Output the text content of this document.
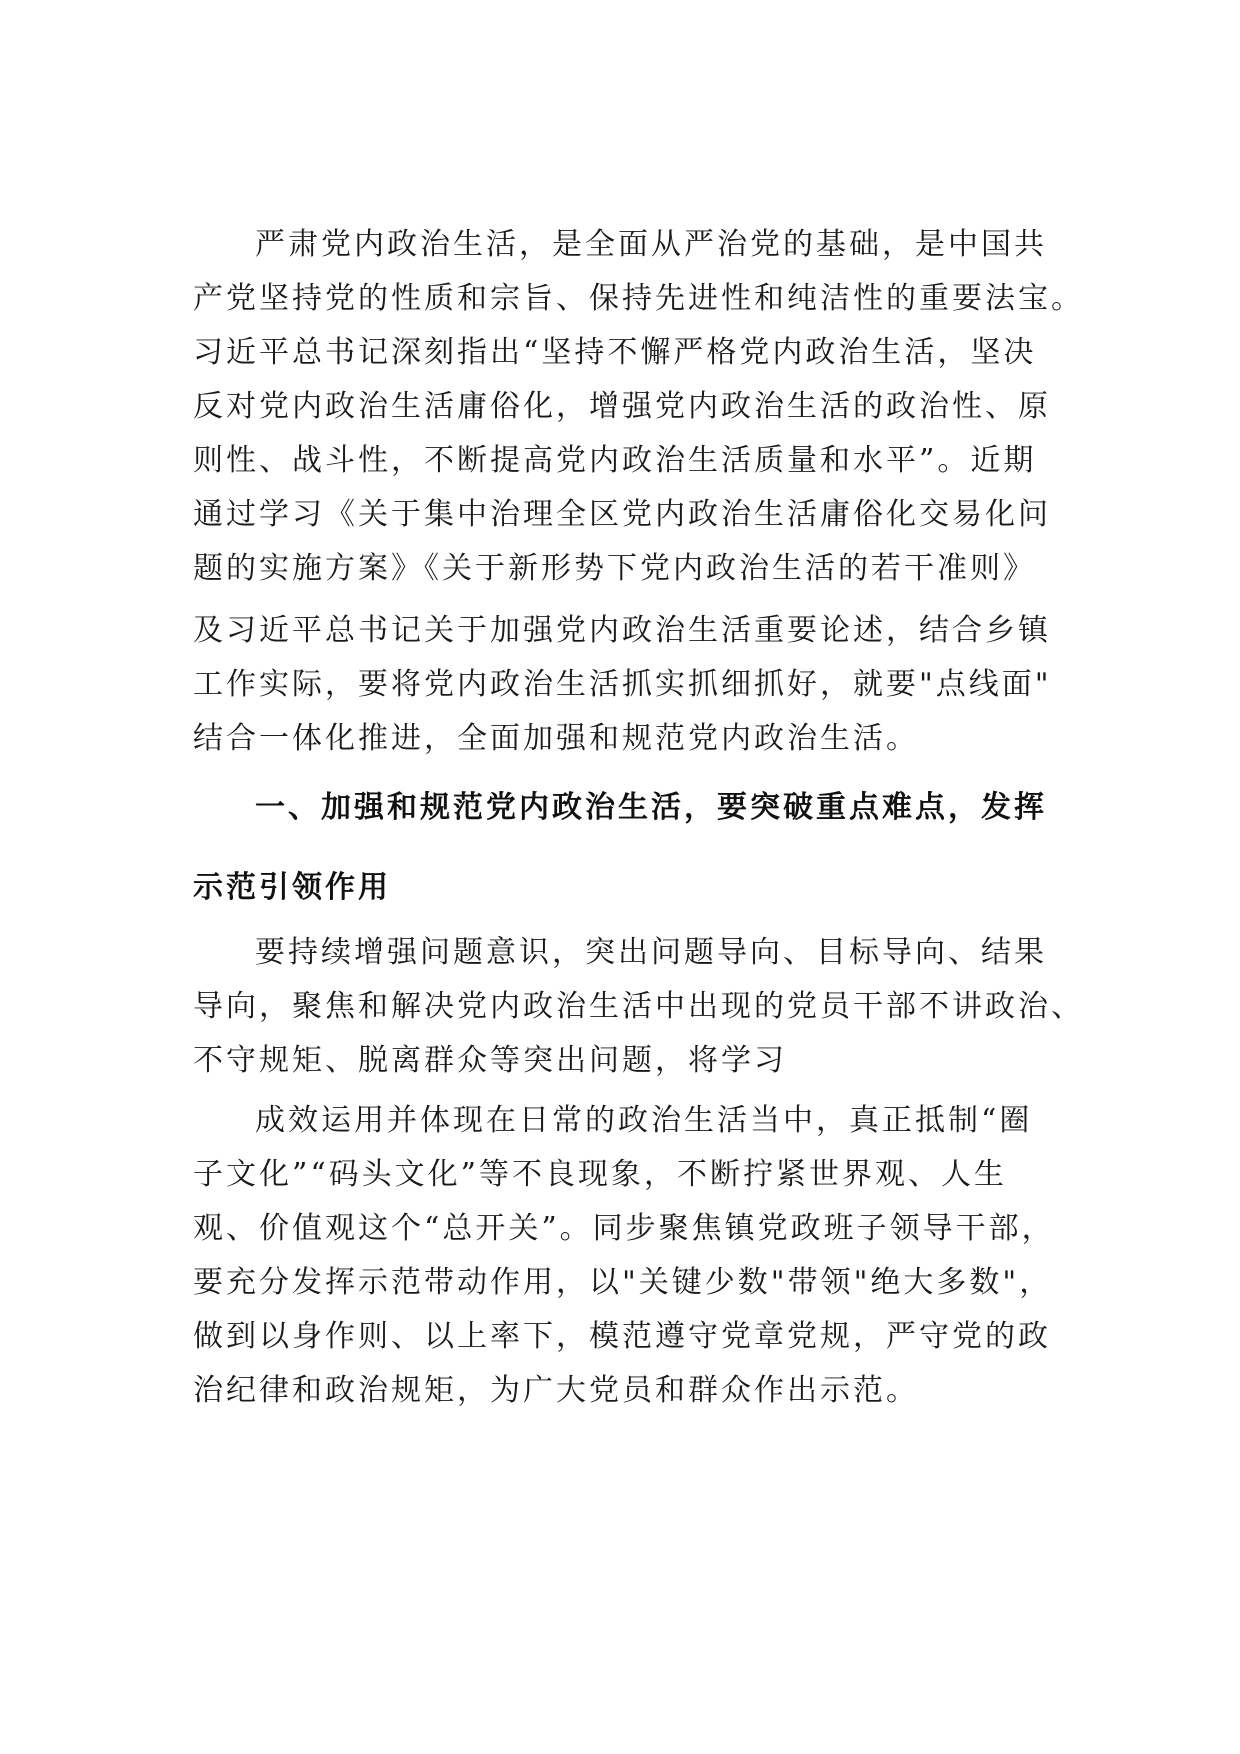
严肃党内政治生活，是全面从严治党的基础，是中国共
产党坚持党的性质和宗旨、保持先进性和纯洁性的重要法宝。
习近平总书记深刻指出“坚持不懈严格党内政治生活，坚决
反对党内政治生活庸俗化，增强党内政治生活的政治性、原
则性、战斗性，不断提高党内政治生活质量和水平”。近期
通过学习《关于集中治理全区党内政治生活庸俗化交易化问
题的实施方案》《关于新形势下党内政治生活的若干准则》
及习近平总书记关于加强党内政治生活重要论述，结合乡镇
工作实际，要将党内政治生活抓实抓细抓好，就要"点线面"
结合一体化推进，全面加强和规范党内政治生活。
一、加强和规范党内政治生活，要突破重点难点，发挥
示范引领作用
要持续增强问题意识，突出问题导向、目标导向、结果
导向，聚焦和解决党内政治生活中出现的党员干部不讲政治、
不守规矩、脱离群众等突出问题，将学习
成效运用并体现在日常的政治生活当中，真正抵制“圈
子文化”“码头文化”等不良现象，不断拧紧世界观、人生
观、价值观这个“总开关”。同步聚焦镇党政班子领导干部，
要充分发挥示范带动作用，以"关键少数"带领"绝大多数"，
做到以身作则、以上率下，模范遵守党章党规，严守党的政
治纪律和政治规矩，为广大党员和群众作出示范。
